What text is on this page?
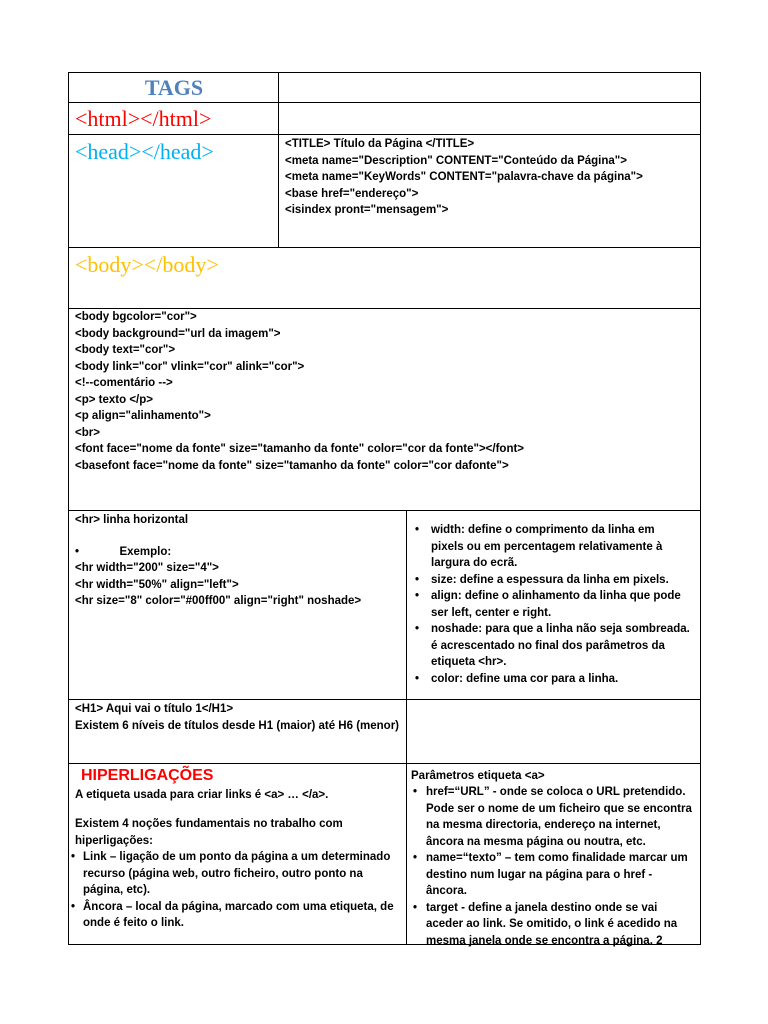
TAGS
<html></html>
<head></head>	<TITLE> Título da Página </TITLE>
<meta name="Description" CONTENT="Conteúdo da Página">
<meta name="KeyWords" CONTENT="palavra-chave da página">
<base href="endereço">
<isindex pront="mensagem">
<body></body>
<body bgcolor="cor">
<body background="url da imagem">
<body text="cor">
<body link="cor" vlink="cor" alink="cor">
<!--comentário -->
<p> texto </p>
<p align="alinhamento">
<br>
<font face="nome da fonte" size="tamanho da fonte" color="cor da fonte"></font>
<basefont face="nome da fonte" size="tamanho da fonte" color="cor dafonte">
<hr> linha horizontal
•	Exemplo:
<hr width="200" size="4">
<hr width="50%" align="left">
<hr size="8" color="#00ff00" align="right" noshade>
• width: define o comprimento da linha em
pixels ou em percentagem relativamente à
largura do ecrã.
• size: define a espessura da linha em pixels.
• align: define o alinhamento da linha que pode
ser left, center e right.
• noshade: para que a linha não seja sombreada.
é acrescentado no final dos parâmetros da
etiqueta <hr>.
• color: define uma cor para a linha.
<H1> Aqui vai o título 1</H1>
Existem 6 níveis de títulos desde H1 (maior) até H6 (menor)
HIPERLIGAÇÕES
A etiqueta usada para criar links é <a> … </a>.
Existem 4 noções fundamentais no trabalho com
hiperligações:
• Link – ligação de um ponto da página a um determinado
recurso (página web, outro ficheiro, outro ponto na
página, etc).
• Âncora – local da página, marcado com uma etiqueta, de
onde é feito o link.
Parâmetros etiqueta <a>
• href=“URL” - onde se coloca o URL pretendido.
Pode ser o nome de um ficheiro que se encontra
na mesma directoria, endereço na internet,
âncora na mesma página ou noutra, etc.
• name=“texto” – tem como finalidade marcar um
destino num lugar na página para o href -
âncora.
• target - define a janela destino onde se vai
aceder ao link. Se omitido, o link é acedido na
mesma janela onde se encontra a página. 2
